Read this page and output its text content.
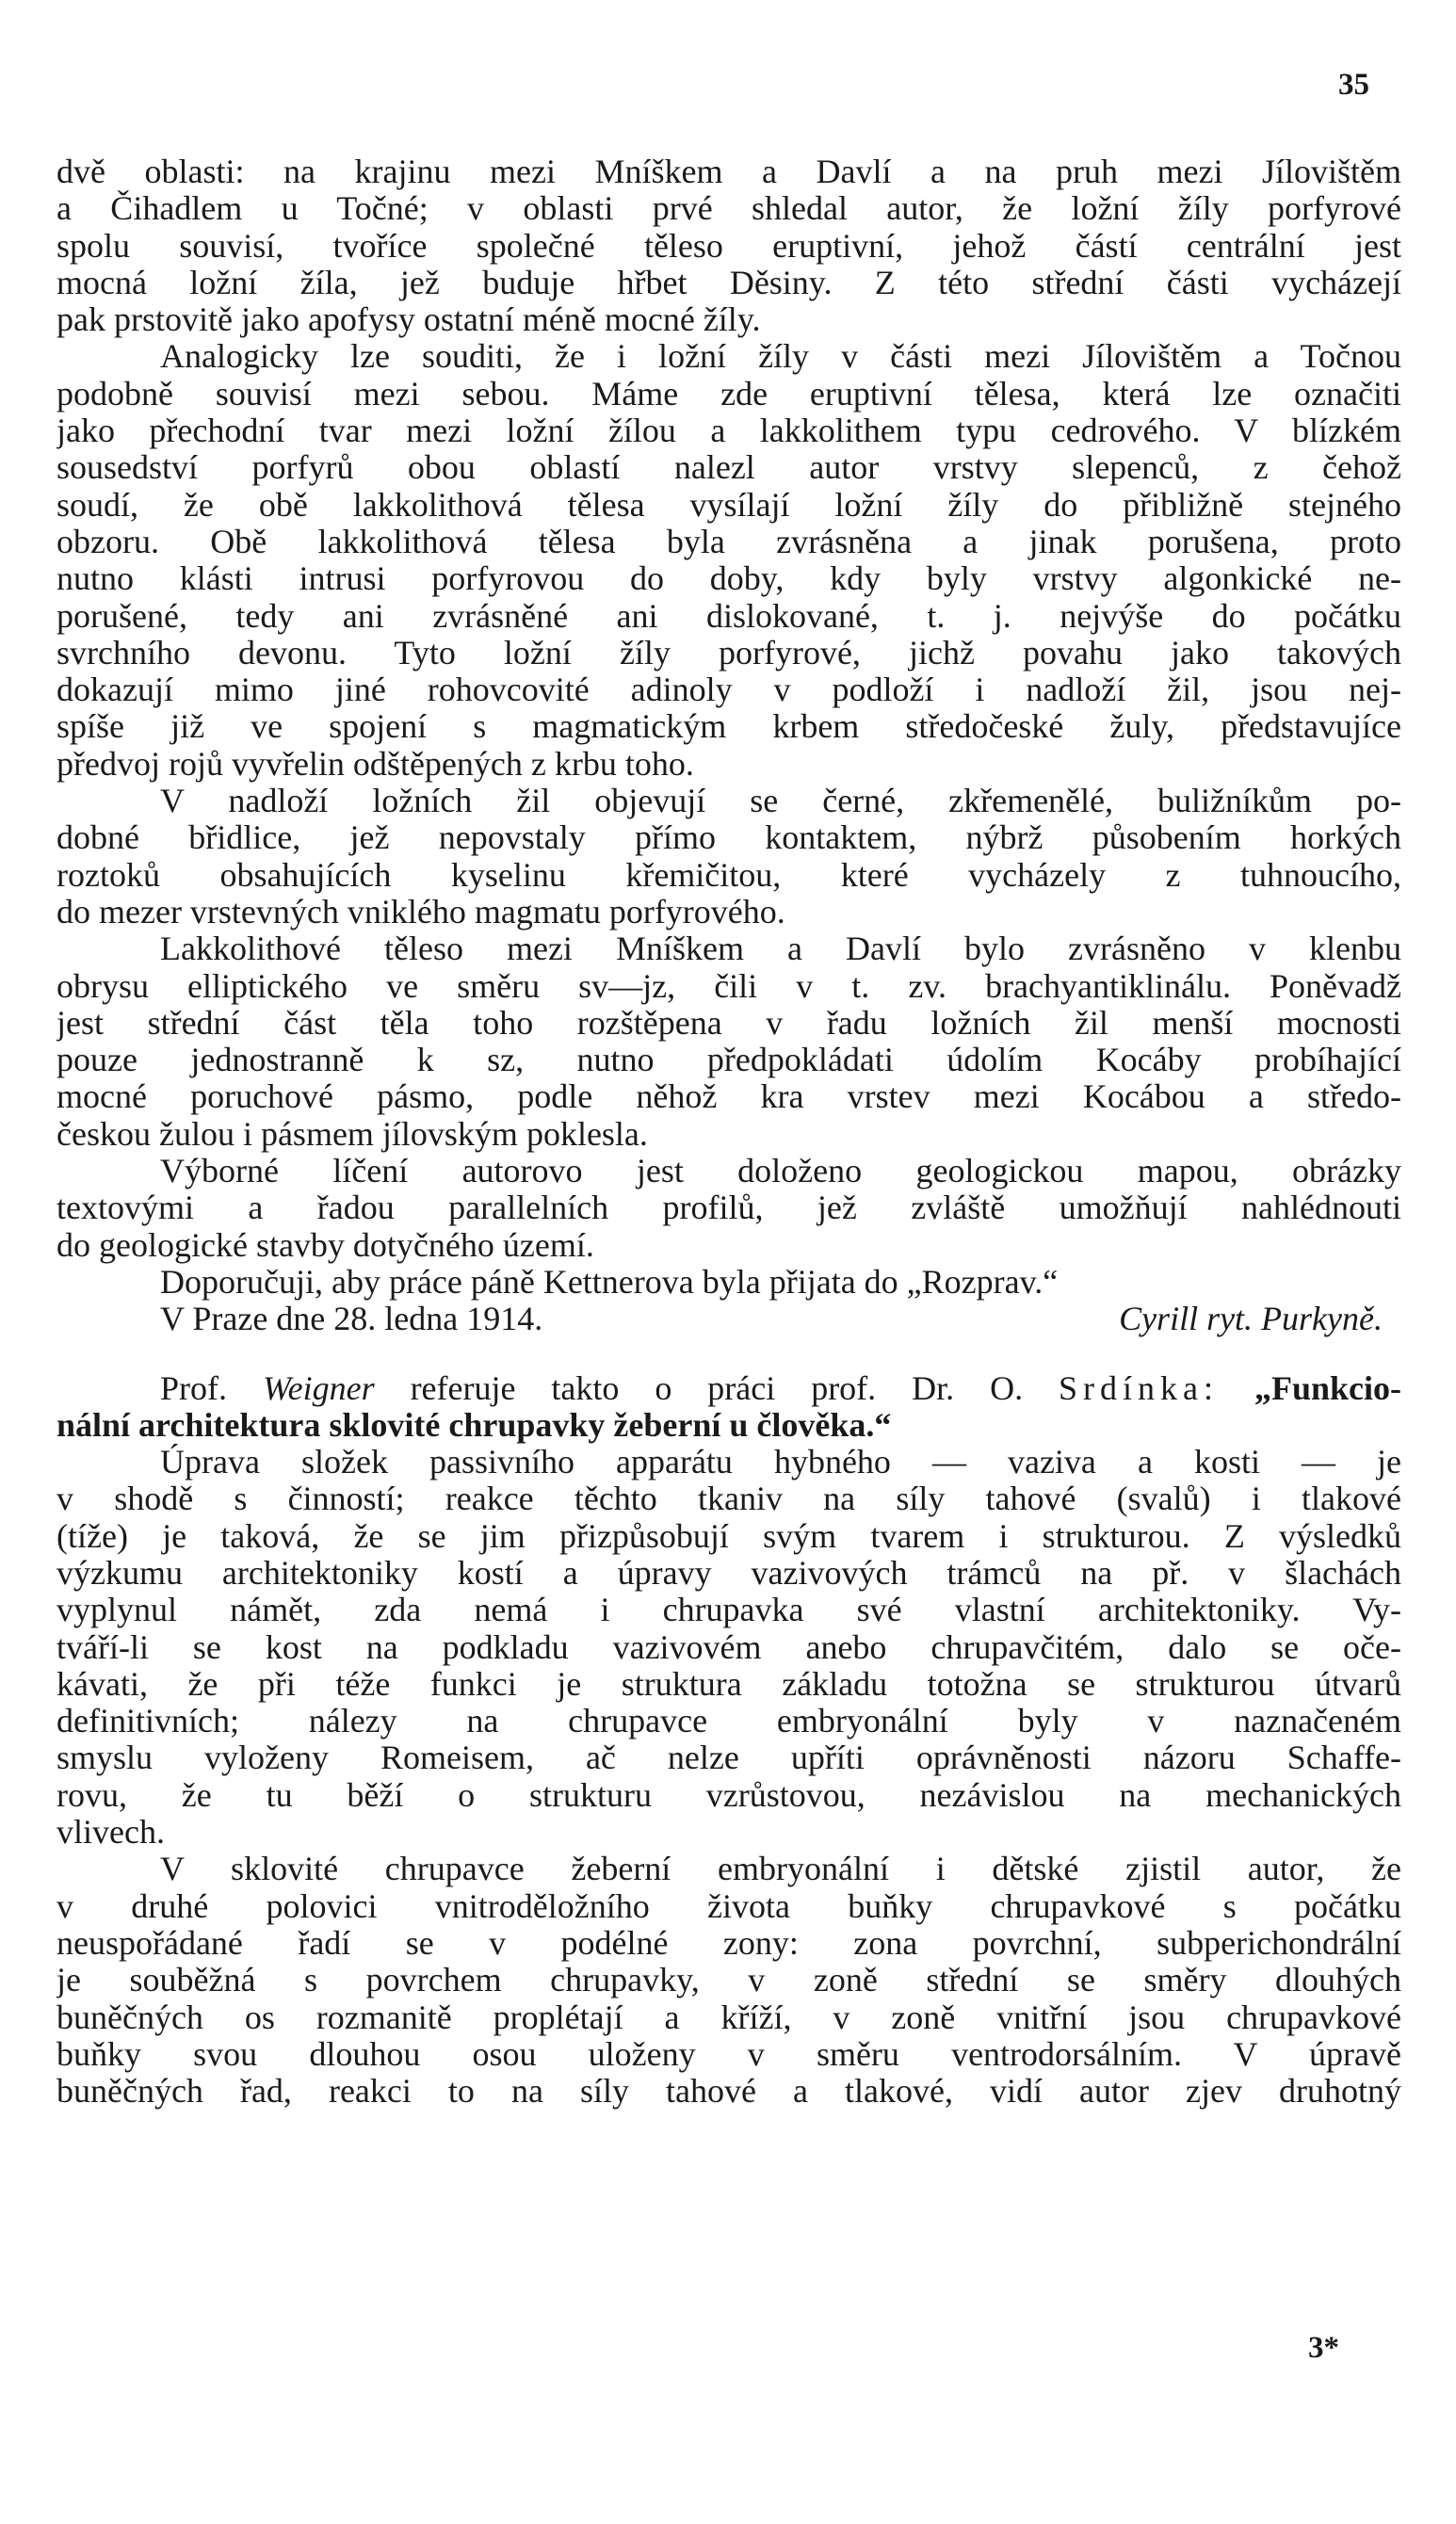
35
dvě oblasti: na krajinu mezi Mníškem a Davlí a na pruh mezi Jílovištěm
a Čihadlem u Točné; v oblasti prvé shledal autor, že ložní žíly porfyrové
spolu souvisí, tvoříce společné těleso eruptivní, jehož částí centrální jest
mocná ložní žíla, jež buduje hřbet Děsiny. Z této střední části vycházejí
pak prstovitě jako apofysy ostatní méně mocné žíly.
Analogicky lze souditi, že i ložní žíly v části mezi Jílovištěm a Točnou
podobně souvisí mezi sebou. Máme zde eruptivní tělesa, která lze označiti
jako přechodní tvar mezi ložní žílou a lakkolithem typu cedrového. V blízkém
sousedství porfyrů obou oblastí nalezl autor vrstvy slepenců, z čehož
soudí, že obě lakkolithová tělesa vysílají ložní žíly do přibližně stejného
obzoru. Obě lakkolithová tělesa byla zvrásněna a jinak porušena, proto
nutno klásti intrusi porfyrovou do doby, kdy byly vrstvy algonkické ne-
porušené, tedy ani zvrásněné ani dislokované, t. j. nejvýše do počátku
svrchního devonu. Tyto ložní žíly porfyrové, jichž povahu jako takových
dokazují mimo jiné rohovcovité adinoly v podloží i nadloží žil, jsou nej-
spíše již ve spojení s magmatickým krbem středočeské žuly, představujíce
předvoj rojů vyvřelin odštěpených z krbu toho.
V nadloží ložních žil objevují se černé, zkřemenělé, buližníkům po-
dobné břidlice, jež nepovstaly přímo kontaktem, nýbrž působením horkých
roztoků obsahujících kyselinu křemičitou, které vycházely z tuhnoucího,
do mezer vrstevných vniklého magmatu porfyrového.
Lakkolithové těleso mezi Mníškem a Davlí bylo zvrásněno v klenbu
obrysu elliptického ve směru sv—jz, čili v t. zv. brachyantiklinálu. Poněvadž
jest střední část těla toho rozštěpena v řadu ložních žil menší mocnosti
pouze jednostranně k sz, nutno předpokládati údolím Kocáby probíhající
mocné poruchové pásmo, podle něhož kra vrstev mezi Kocábou a středo-
českou žulou i pásmem jílovským poklesla.
Výborné líčení autorovo jest doloženo geologickou mapou, obrázky
textovými a řadou parallelních profilů, jež zvláště umožňují nahlédnouti
do geologické stavby dotyčného území.
Doporučuji, aby práce páně Kettnerova byla přijata do „Rozprav.“
V Praze dne 28. ledna 1914.	Cyrill ryt. Purkyně.
Prof. Weigner referuje takto o práci prof. Dr. O. Srdínka: „Funkcio-
nální architektura sklovité chrupavky žeberní u člověka.“
Úprava složek passivního apparátu hybného — vaziva a kosti — je
v shodě s činností; reakce těchto tkaniv na síly tahové (svalů) i tlakové
(tíže) je taková, že se jim přizpůsobují svým tvarem i strukturou. Z výsledků
výzkumu architektoniky kostí a úpravy vazivových trámců na př. v šlachách
vyplynul námět, zda nemá i chrupavka své vlastní architektoniky. Vy-
tváří-li se kost na podkladu vazivovém anebo chrupavčitém, dalo se oče-
kávati, že při téže funkci je struktura základu totožna se strukturou útvarů
definitivních; nálezy na chrupavce embryonální byly v naznačeném
smyslu vyloženy Romeisem, ač nelze upříti oprávněnosti názoru Schaffe-
rovu, že tu běží o strukturu vzrůstovou, nezávislou na mechanických
vlivech.
V sklovité chrupavce žeberní embryonální i dětské zjistil autor, že
v druhé polovici vnitroděložního života buňky chrupavkové s počátku
neuspořádané řadí se v podélné zony: zona povrchní, subperichondrální
je souběžná s povrchem chrupavky, v zoně střední se směry dlouhých
buněčných os rozmanitě proplétají a kříží, v zoně vnitřní jsou chrupavkové
buňky svou dlouhou osou uloženy v směru ventrodorsálním. V úpravě
buněčných řad, reakci to na síly tahové a tlakové, vidí autor zjev druhotný
3*
